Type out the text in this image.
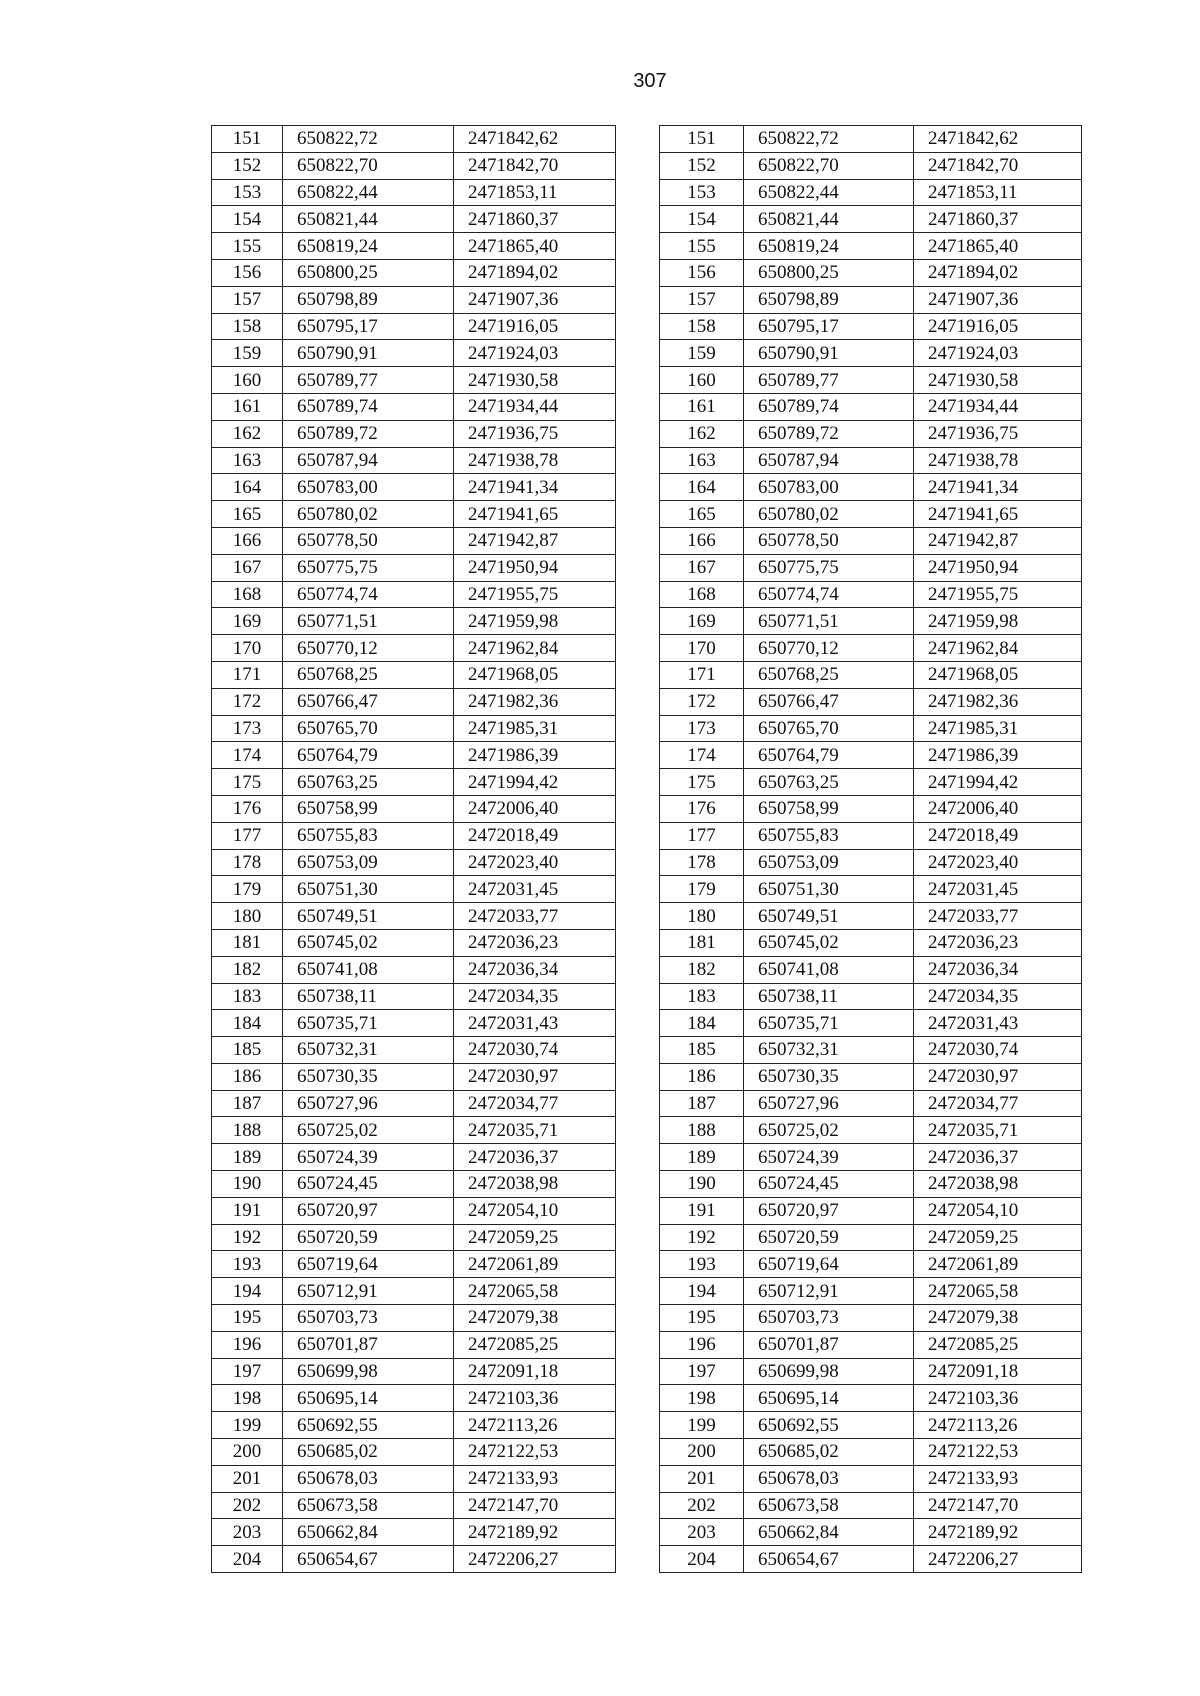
307
151	650822,72	2471842,62		151	650822,72	2471842,62
152	650822,70	2471842,70		152	650822,70	2471842,70
153	650822,44	2471853,11		153	650822,44	2471853,11
154	650821,44	2471860,37		154	650821,44	2471860,37
155	650819,24	2471865,40		155	650819,24	2471865,40
156	650800,25	2471894,02		156	650800,25	2471894,02
157	650798,89	2471907,36		157	650798,89	2471907,36
158	650795,17	2471916,05		158	650795,17	2471916,05
159	650790,91	2471924,03		159	650790,91	2471924,03
160	650789,77	2471930,58		160	650789,77	2471930,58
161	650789,74	2471934,44		161	650789,74	2471934,44
162	650789,72	2471936,75		162	650789,72	2471936,75
163	650787,94	2471938,78		163	650787,94	2471938,78
164	650783,00	2471941,34		164	650783,00	2471941,34
165	650780,02	2471941,65		165	650780,02	2471941,65
166	650778,50	2471942,87		166	650778,50	2471942,87
167	650775,75	2471950,94		167	650775,75	2471950,94
168	650774,74	2471955,75		168	650774,74	2471955,75
169	650771,51	2471959,98		169	650771,51	2471959,98
170	650770,12	2471962,84		170	650770,12	2471962,84
171	650768,25	2471968,05		171	650768,25	2471968,05
172	650766,47	2471982,36		172	650766,47	2471982,36
173	650765,70	2471985,31		173	650765,70	2471985,31
174	650764,79	2471986,39		174	650764,79	2471986,39
175	650763,25	2471994,42		175	650763,25	2471994,42
176	650758,99	2472006,40		176	650758,99	2472006,40
177	650755,83	2472018,49		177	650755,83	2472018,49
178	650753,09	2472023,40		178	650753,09	2472023,40
179	650751,30	2472031,45		179	650751,30	2472031,45
180	650749,51	2472033,77		180	650749,51	2472033,77
181	650745,02	2472036,23		181	650745,02	2472036,23
182	650741,08	2472036,34		182	650741,08	2472036,34
183	650738,11	2472034,35		183	650738,11	2472034,35
184	650735,71	2472031,43		184	650735,71	2472031,43
185	650732,31	2472030,74		185	650732,31	2472030,74
186	650730,35	2472030,97		186	650730,35	2472030,97
187	650727,96	2472034,77		187	650727,96	2472034,77
188	650725,02	2472035,71		188	650725,02	2472035,71
189	650724,39	2472036,37		189	650724,39	2472036,37
190	650724,45	2472038,98		190	650724,45	2472038,98
191	650720,97	2472054,10		191	650720,97	2472054,10
192	650720,59	2472059,25		192	650720,59	2472059,25
193	650719,64	2472061,89		193	650719,64	2472061,89
194	650712,91	2472065,58		194	650712,91	2472065,58
195	650703,73	2472079,38		195	650703,73	2472079,38
196	650701,87	2472085,25		196	650701,87	2472085,25
197	650699,98	2472091,18		197	650699,98	2472091,18
198	650695,14	2472103,36		198	650695,14	2472103,36
199	650692,55	2472113,26		199	650692,55	2472113,26
200	650685,02	2472122,53		200	650685,02	2472122,53
201	650678,03	2472133,93		201	650678,03	2472133,93
202	650673,58	2472147,70		202	650673,58	2472147,70
203	650662,84	2472189,92		203	650662,84	2472189,92
204	650654,67	2472206,27		204	650654,67	2472206,27
